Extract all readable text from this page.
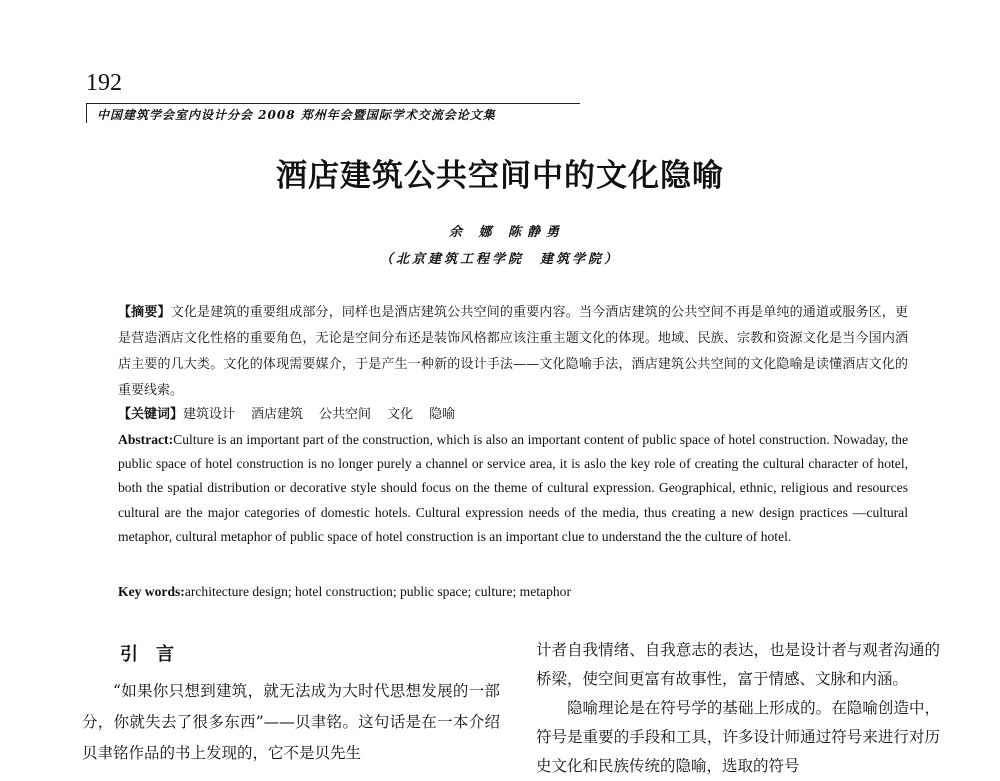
192
中国建筑学会室内设计分会 2008 郑州年会暨国际学术交流会论文集
酒店建筑公共空间中的文化隐喻
余 娜 陈静勇
（北京建筑工程学院　建筑学院）
【摘要】文化是建筑的重要组成部分，同样也是酒店建筑公共空间的重要内容。当今酒店建筑的公共空间不再是单纯的通道或服务区，更是营造酒店文化性格的重要角色，无论是空间分布还是装饰风格都应该注重主题文化的体现。地域、民族、宗教和资源文化是当今国内酒店主要的几大类。文化的体现需要媒介，于是产生一种新的设计手法——文化隐喻手法，酒店建筑公共空间的文化隐喻是读懂酒店文化的重要线索。
【关键词】建筑设计 酒店建筑 公共空间 文化 隐喻
Abstract:Culture is an important part of the construction, which is also an important content of public space of hotel construction. Nowaday, the public space of hotel construction is no longer purely a channel or service area, it is aslo the key role of creating the cultural character of hotel, both the spatial distribution or decorative style should focus on the theme of cultural expression. Geographical, ethnic, religious and resources cultural are the major categories of domestic hotels. Cultural expression needs of the media, thus creating a new design practices —cultural metaphor, cultural metaphor of public space of hotel construction is an important clue to understand the the culture of hotel.
Key words:architecture design; hotel construction; public space; culture; metaphor
引言

“如果你只想到建筑，就无法成为大时代思想发展的一部分，你就失去了很多东西”——贝聿铭。这句话是在一本介绍贝聿铭作品的书上发现的，它不是贝先生

计者自我情绪、自我意志的表达，也是设计者与观者沟通的桥梁，使空间更富有故事性，富于情感、文脉和内涵。

隐喻理论是在符号学的基础上形成的。在隐喻创造中，符号是重要的手段和工具，许多设计师通过符号来进行对历史文化和民族传统的隐喻，选取的符号
